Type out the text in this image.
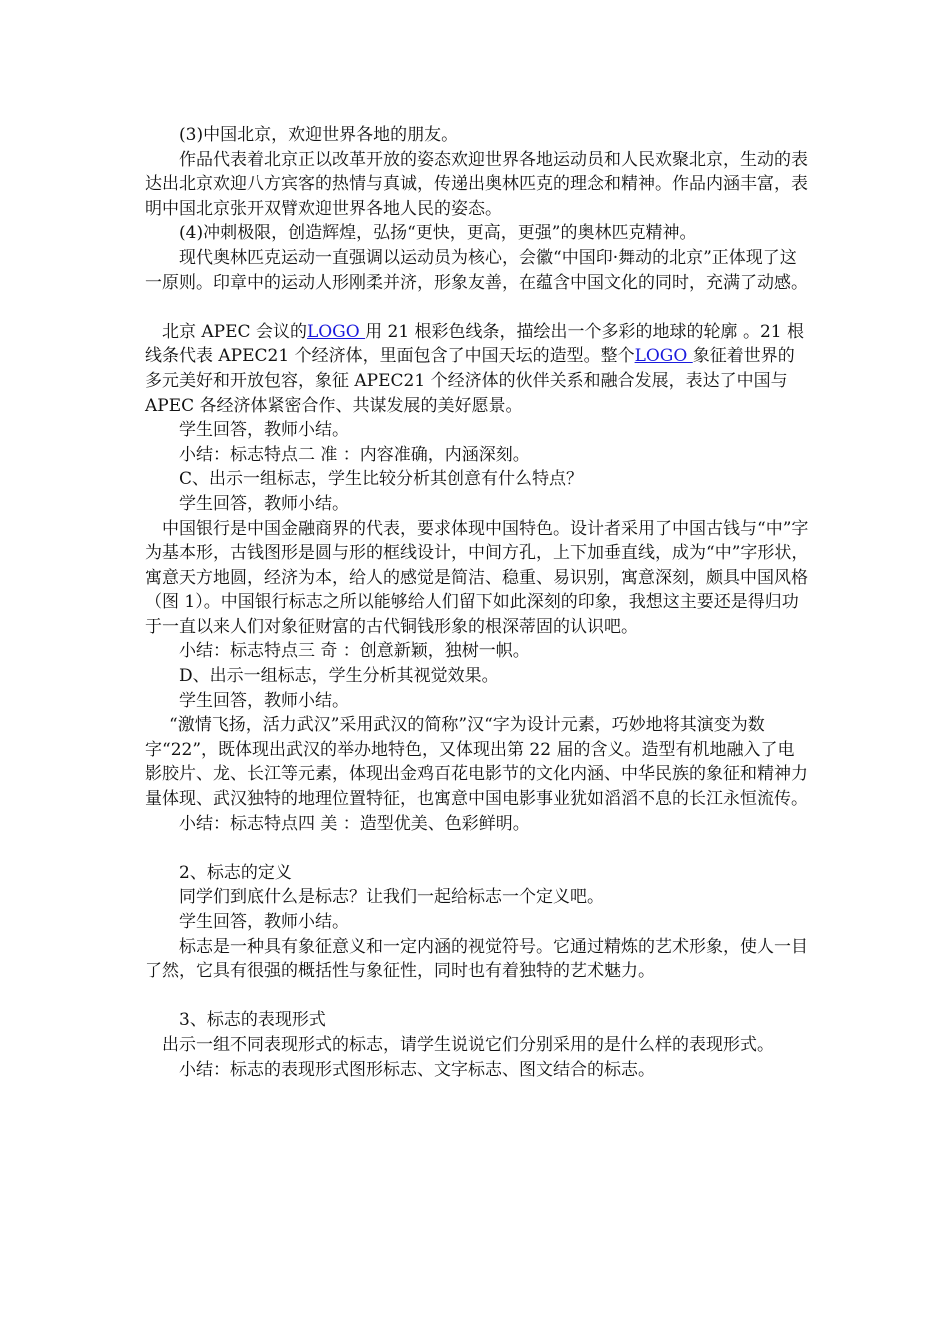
(3)中国北京，欢迎世界各地的朋友。

作品代表着北京正以改革开放的姿态欢迎世界各地运动员和人民欢聚北京，生动的表达出北京欢迎八方宾客的热情与真诚，传递出奥林匹克的理念和精神。作品内涵丰富，表明中国北京张开双臂欢迎世界各地人民的姿态。

(4)冲刺极限，创造辉煌，弘扬“更快，更高，更强”的奥林匹克精神。

现代奥林匹克运动一直强调以运动员为核心，会徽“中国印·舞动的北京”正体现了这一原则。印章中的运动人形刚柔并济，形象友善，在蕴含中国文化的同时，充满了动感。

北京 APEC 会议的LOGO 用 21 根彩色线条，描绘出一个多彩的地球的轮廓 。21 根线条代表 APEC21 个经济体，里面包含了中国天坛的造型。整个LOGO 象征着世界的多元美好和开放包容，象征 APEC21 个经济体的伙伴关系和融合发展，表达了中国与 APEC 各经济体紧密合作、共谋发展的美好愿景。

学生回答，教师小结。

小结：标志特点二 准 ：内容准确，内涵深刻。

C、出示一组标志，学生比较分析其创意有什么特点？

学生回答，教师小结。

中国银行是中国金融商界的代表，要求体现中国特色。设计者采用了中国古钱与“中”字为基本形，古钱图形是圆与形的框线设计，中间方孔，上下加垂直线，成为“中”字形状，寓意天方地圆，经济为本，给人的感觉是简洁、稳重、易识别，寓意深刻，颇具中国风格（图 1）。中国银行标志之所以能够给人们留下如此深刻的印象，我想这主要还是得归功于一直以来人们对象征财富的古代铜钱形象的根深蒂固的认识吧。

小结：标志特点三 奇 ：创意新颖，独树一帜。

D、出示一组标志，学生分析其视觉效果。

学生回答，教师小结。

“激情飞扬，活力武汉”采用武汉的简称”汉“字为设计元素，巧妙地将其演变为数字“22”，既体现出武汉的举办地特色，又体现出第 22 届的含义。造型有机地融入了电影胶片、龙、长江等元素，体现出金鸡百花电影节的文化内涵、中华民族的象征和精神力量体现、武汉独特的地理位置特征，也寓意中国电影事业犹如滔滔不息的长江永恒流传。

小结：标志特点四 美 ：造型优美、色彩鲜明。

2、标志的定义

同学们到底什么是标志？让我们一起给标志一个定义吧。

学生回答，教师小结。

标志是一种具有象征意义和一定内涵的视觉符号。它通过精炼的艺术形象，使人一目了然，它具有很强的概括性与象征性，同时也有着独特的艺术魅力。

3、标志的表现形式

出示一组不同表现形式的标志，请学生说说它们分别采用的是什么样的表现形式。

小结：标志的表现形式图形标志、文字标志、图文结合的标志。
